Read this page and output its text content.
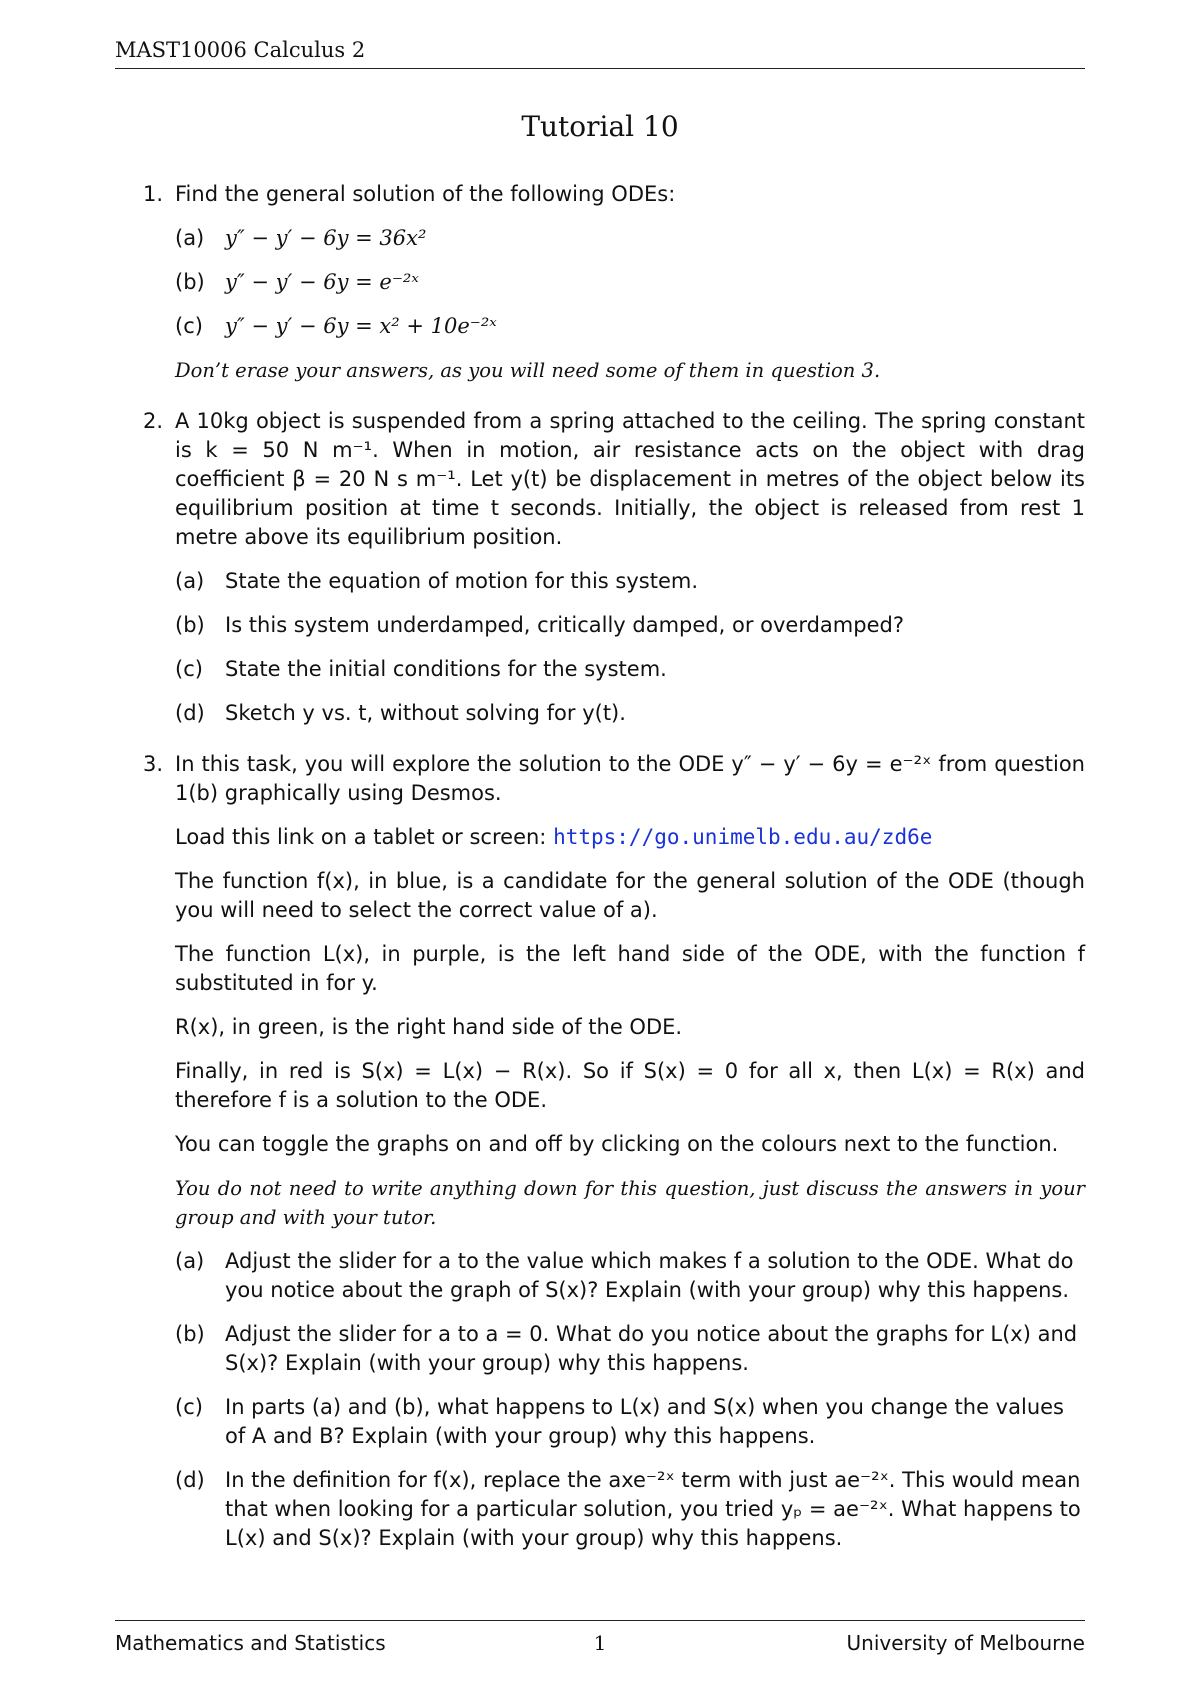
MAST10006 Calculus 2
Tutorial 10
1. Find the general solution of the following ODEs:

(a) y″ − y′ − 6y = 36x²
(b) y″ − y′ − 6y = e⁻²ˣ
(c) y″ − y′ − 6y = x² + 10e⁻²ˣ

Don’t erase your answers, as you will need some of them in question 3.

2. A 10kg object is suspended from a spring attached to the ceiling. The spring constant is k = 50 N m⁻¹. When in motion, air resistance acts on the object with drag coefficient β = 20 N s m⁻¹. Let y(t) be displacement in metres of the object below its equilibrium position at time t seconds. Initially, the object is released from rest 1 metre above its equilibrium position.

(a) State the equation of motion for this system.
(b) Is this system underdamped, critically damped, or overdamped?
(c) State the initial conditions for the system.
(d) Sketch y vs. t, without solving for y(t).
3. In this task, you will explore the solution to the ODE y″ − y′ − 6y = e⁻²ˣ from question 1(b) graphically using Desmos.

Load this link on a tablet or screen: https://go.unimelb.edu.au/zd6e

The function f(x), in blue, is a candidate for the general solution of the ODE (though you will need to select the correct value of a).

The function L(x), in purple, is the left hand side of the ODE, with the function f substituted in for y.

R(x), in green, is the right hand side of the ODE.

Finally, in red is S(x) = L(x) − R(x). So if S(x) = 0 for all x, then L(x) = R(x) and therefore f is a solution to the ODE.

You can toggle the graphs on and off by clicking on the colours next to the function.

You do not need to write anything down for this question, just discuss the answers in your group and with your tutor.

(a) Adjust the slider for a to the value which makes f a solution to the ODE. What do you notice about the graph of S(x)? Explain (with your group) why this happens.
(b) Adjust the slider for a to a = 0. What do you notice about the graphs for L(x) and S(x)? Explain (with your group) why this happens.
(c) In parts (a) and (b), what happens to L(x) and S(x) when you change the values of A and B? Explain (with your group) why this happens.
(d) In the definition for f(x), replace the axe⁻²ˣ term with just ae⁻²ˣ. This would mean that when looking for a particular solution, you tried yₚ = ae⁻²ˣ. What happens to L(x) and S(x)? Explain (with your group) why this happens.
Mathematics and Statistics	1	University of Melbourne
